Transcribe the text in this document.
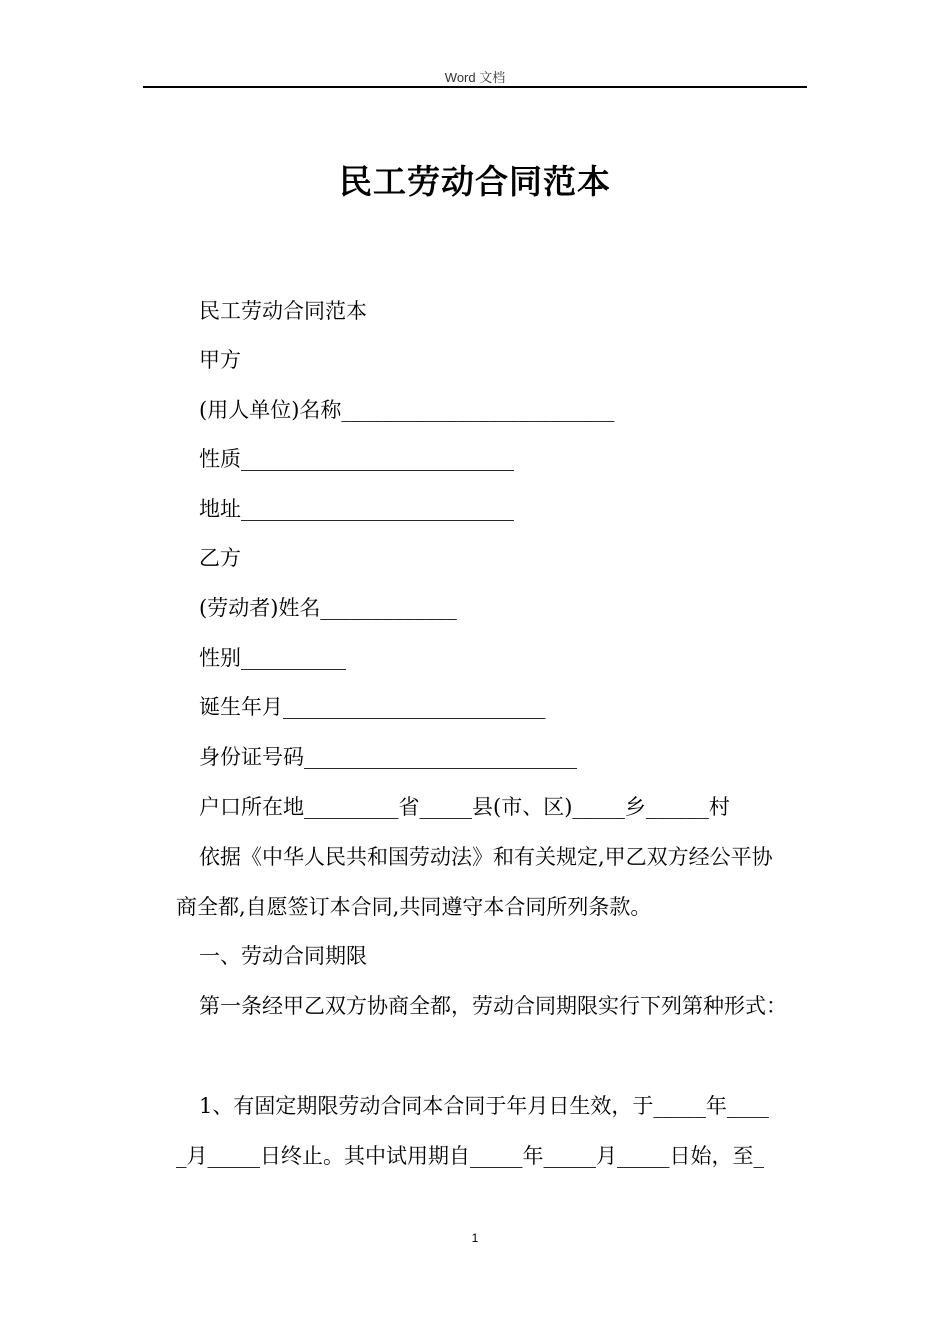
Word 文档
民工劳动合同范本
民工劳动合同范本
甲方
(用人单位)名称__________________________
性质__________________________
地址__________________________
乙方
(劳动者)姓名_____________
性别__________
诞生年月_________________________
身份证号码__________________________
户口所在地_________省_____县(市、区)_____乡______村
依据《中华人民共和国劳动法》和有关规定,甲乙双方经公平协
商全都,自愿签订本合同,共同遵守本合同所列条款。
一、劳动合同期限
第一条经甲乙双方协商全都，劳动合同期限实行下列第种形式：
1、有固定期限劳动合同本合同于年月日生效，于_____年____
_月_____日终止。其中试用期自_____年_____月_____日始，至_
1
